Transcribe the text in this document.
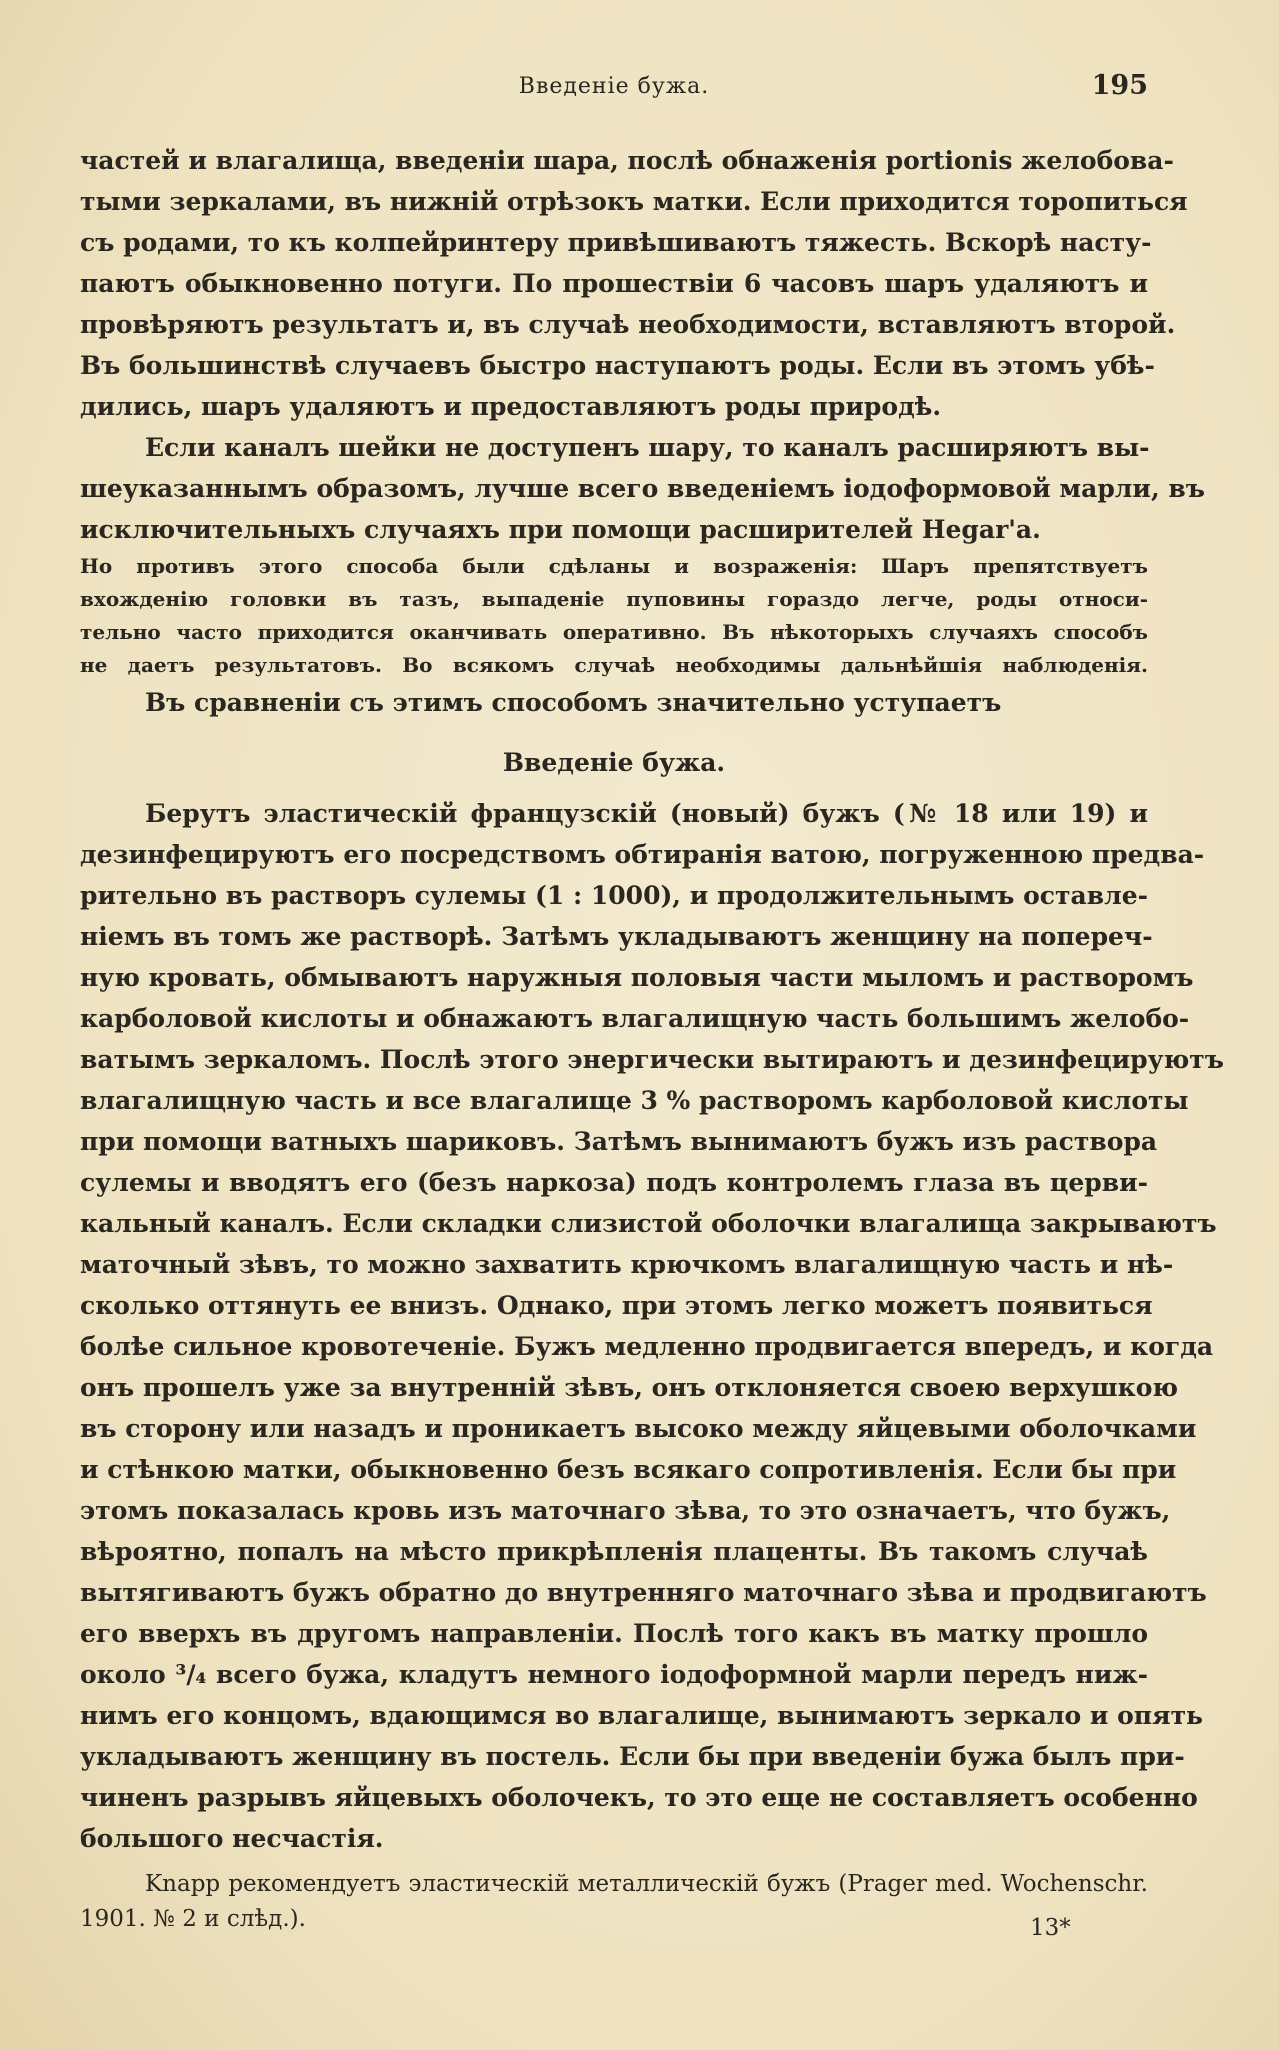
Введеніе бужа.	195
частей и влагалища, введеніи шара, послѣ обнаженія portionis желобова-
тыми зеркалами, въ нижній отрѣзокъ матки. Если приходится торопиться
съ родами, то къ колпейринтеру привѣшиваютъ тяжесть. Вскорѣ насту-
паютъ обыкновенно потуги. По прошествіи 6 часовъ шаръ удаляютъ и
провѣряютъ результатъ и, въ случаѣ необходимости, вставляютъ второй.
Въ большинствѣ случаевъ быстро наступаютъ роды. Если въ этомъ убѣ-
дились, шаръ удаляютъ и предоставляютъ роды природѣ.
Если каналъ шейки не доступенъ шару, то каналъ расширяютъ вы-
шеуказаннымъ образомъ, лучше всего введеніемъ іодоформовой марли, въ
исключительныхъ случаяхъ при помощи расширителей Hegar'а.
Но противъ этого способа были сдѣланы и возраженія: Шаръ препятствуетъ
вхожденію головки въ тазъ, выпаденіе пуповины гораздо легче, роды относи-
тельно часто приходится оканчивать оперативно. Въ нѣкоторыхъ случаяхъ способъ
не даетъ результатовъ. Во всякомъ случаѣ необходимы дальнѣйшія наблюденія.
Въ сравненіи съ этимъ способомъ значительно уступаетъ
Введеніе бужа.
Берутъ эластическій французскій (новый) бужъ (№ 18 или 19) и
дезинфецируютъ его посредствомъ обтиранія ватою, погруженною предва-
рительно въ растворъ сулемы (1 : 1000), и продолжительнымъ оставле-
ніемъ въ томъ же растворѣ. Затѣмъ укладываютъ женщину на попереч-
ную кровать, обмываютъ наружныя половыя части мыломъ и растворомъ
карболовой кислоты и обнажаютъ влагалищную часть большимъ желобо-
ватымъ зеркаломъ. Послѣ этого энергически вытираютъ и дезинфецируютъ
влагалищную часть и все влагалище 3 % растворомъ карболовой кислоты
при помощи ватныхъ шариковъ. Затѣмъ вынимаютъ бужъ изъ раствора
сулемы и вводятъ его (безъ наркоза) подъ контролемъ глаза въ церви-
кальный каналъ. Если складки слизистой оболочки влагалища закрываютъ
маточный зѣвъ, то можно захватить крючкомъ влагалищную часть и нѣ-
сколько оттянуть ее внизъ. Однако, при этомъ легко можетъ появиться
болѣе сильное кровотеченіе. Бужъ медленно продвигается впередъ, и когда
онъ прошелъ уже за внутренній зѣвъ, онъ отклоняется своею верхушкою
въ сторону или назадъ и проникаетъ высоко между яйцевыми оболочками
и стѣнкою матки, обыкновенно безъ всякаго сопротивленія. Если бы при
этомъ показалась кровь изъ маточнаго зѣва, то это означаетъ, что бужъ,
вѣроятно, попалъ на мѣсто прикрѣпленія плаценты. Въ такомъ случаѣ
вытягиваютъ бужъ обратно до внутренняго маточнаго зѣва и продвигаютъ
его вверхъ въ другомъ направленіи. Послѣ того какъ въ матку прошло
около ³/₄ всего бужа, кладутъ немного іодоформной марли передъ ниж-
нимъ его концомъ, вдающимся во влагалище, вынимаютъ зеркало и опять
укладываютъ женщину въ постель. Если бы при введеніи бужа былъ при-
чиненъ разрывъ яйцевыхъ оболочекъ, то это еще не составляетъ особенно
большого несчастія.
Knapp рекомендуетъ эластическій металлическій бужъ (Prager med. Wochenschr.
1901. № 2 и слѣд.).	13*
